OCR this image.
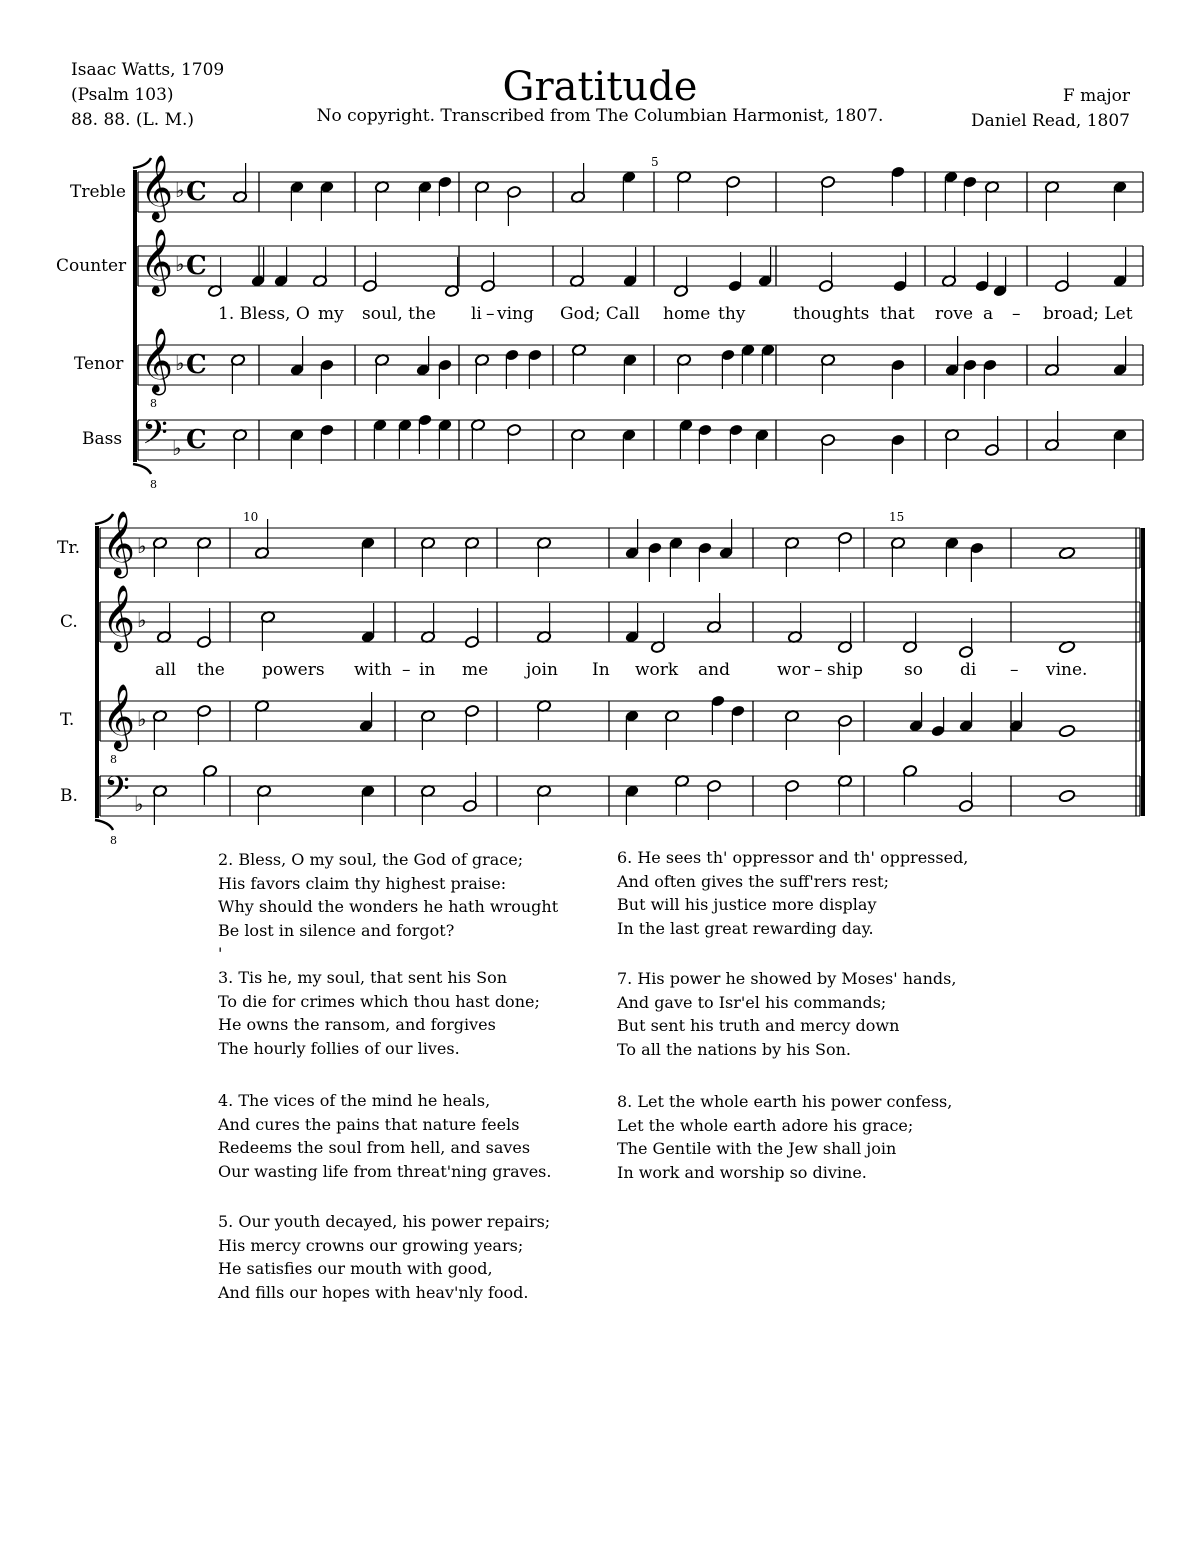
Isaac Watts, 1709
(Psalm 103)
88. 88. (L. M.)
Gratitude
No copyright. Transcribed from The Columbian Harmonist, 1807.
F major
Daniel Read, 1807
Treble
Counter
Tenor
Bass
Tr.
C.
T.
B.
5
10	15
1. Bless, O my soul, the li – ving God; Call home thy	thoughts that rove a – broad; Let
all the powers with – in me join In work and	wor – ship so di – vine.
2. Bless, O my soul, the God of grace;
His favors claim thy highest praise:
Why should the wonders he hath wrought
Be lost in silence and forgot?
'
3. Tis he, my soul, that sent his Son
To die for crimes which thou hast done;
He owns the ransom, and forgives
The hourly follies of our lives.
4. The vices of the mind he heals,
And cures the pains that nature feels
Redeems the soul from hell, and saves
Our wasting life from threat'ning graves.
5. Our youth decayed, his power repairs;
His mercy crowns our growing years;
He satisfies our mouth with good,
And fills our hopes with heav'nly food.
6. He sees th' oppressor and th' oppressed,
And often gives the suff'rers rest;
But will his justice more display
In the last great rewarding day.
7. His power he showed by Moses' hands,
And gave to Isr'el his commands;
But sent his truth and mercy down
To all the nations by his Son.
8. Let the whole earth his power confess,
Let the whole earth adore his grace;
The Gentile with the Jew shall join
In work and worship so divine.
𝄞 ♭ C
𝄞 ♭ C
𝄞 ♭ C
𝄢 ♭ C
8
8
𝄞 ♭
𝄞 ♭
𝄞 ♭
𝄢 ♭
8
8
